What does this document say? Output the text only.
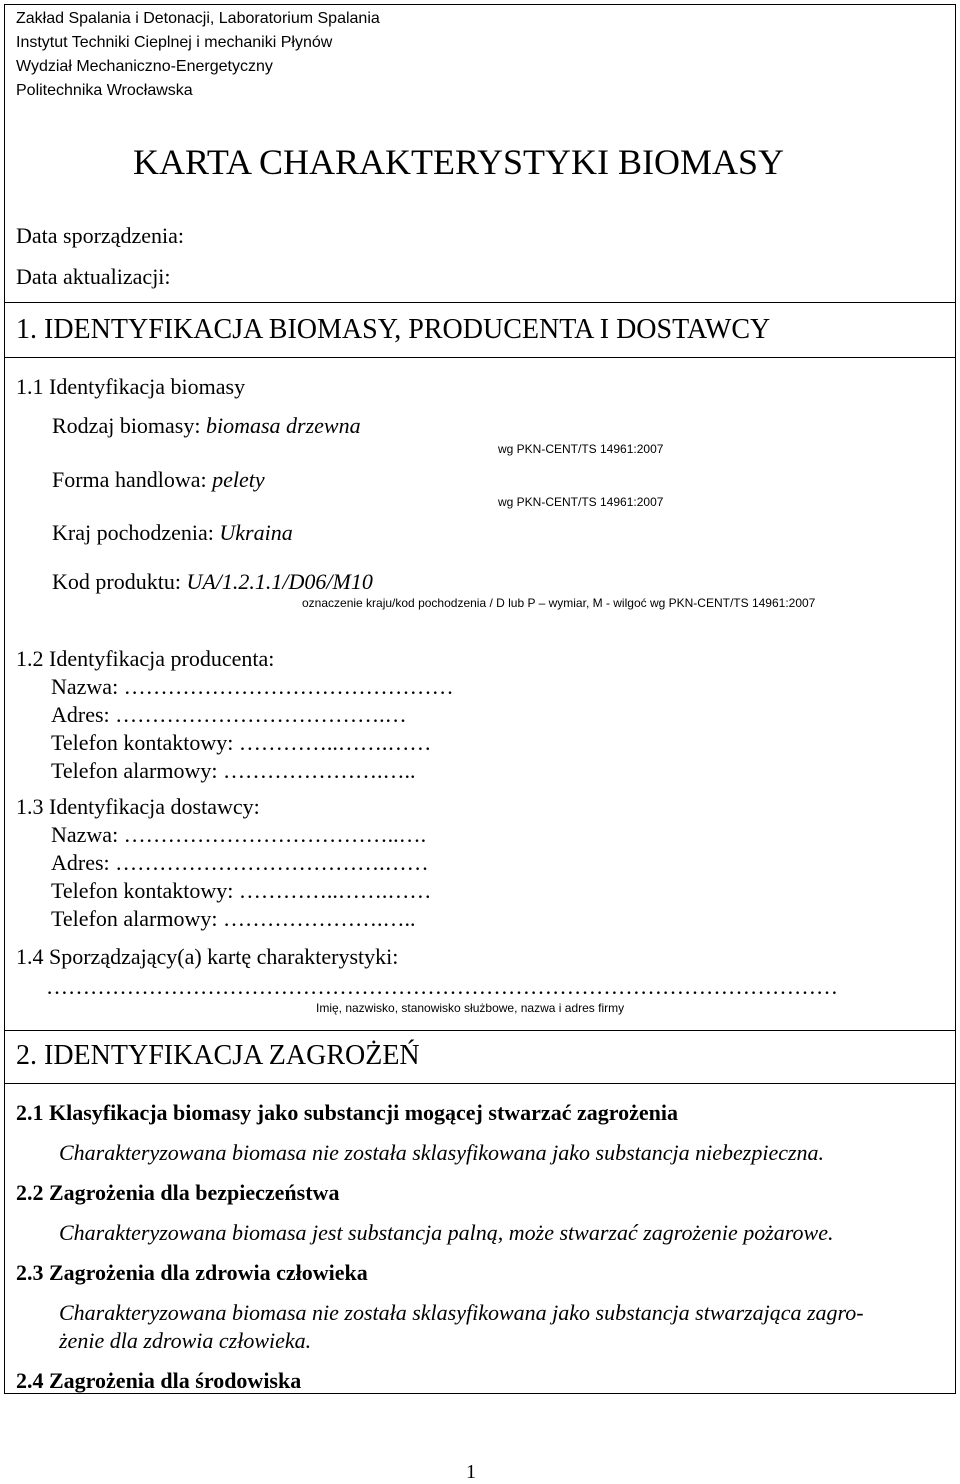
Zakład Spalania i Detonacji, Laboratorium Spalania
Instytut Techniki Cieplnej i mechaniki Płynów
Wydział Mechaniczno-Energetyczny
Politechnika Wrocławska
KARTA CHARAKTERYSTYKI BIOMASY
Data sporządzenia:
Data aktualizacji:
1. IDENTYFIKACJA BIOMASY, PRODUCENTA I DOSTAWCY
1.1 Identyfikacja biomasy
Rodzaj biomasy: biomasa drzewna
Forma handlowa: pelety
Kraj pochodzenia: Ukraina
wg PKN-CENT/TS 14961:2007
wg PKN-CENT/TS 14961:2007
Kod produktu: UA/1.2.1.1/D06/M10
oznaczenie kraju/kod pochodzenia / D lub P – wymiar, M - wilgoć wg PKN-CENT/TS 14961:2007
1.2 Identyfikacja producenta:
Nazwa: ………………………………………
Adres: ……………………………….…
Telefon kontaktowy: …………..…….……
Telefon alarmowy: ………………….…..
1.3 Identyfikacja dostawcy:
Nazwa: ………………………………..….
Adres: ……………………………….……
Telefon kontaktowy: …………..…….……
Telefon alarmowy: ………………….…..
1.4 Sporządzający(a) kartę charakterystyki:
………………………………………………………………………………………………
Imię, nazwisko, stanowisko służbowe, nazwa i adres firmy
2. IDENTYFIKACJA ZAGROŻEŃ
2.1 Klasyfikacja biomasy jako substancji mogącej stwarzać zagrożenia
Charakteryzowana biomasa nie została sklasyfikowana jako substancja niebezpieczna.
2.2 Zagrożenia dla bezpieczeństwa
Charakteryzowana biomasa jest substancja palną, może stwarzać zagrożenie pożarowe.
2.3 Zagrożenia dla zdrowia człowieka
Charakteryzowana biomasa nie została sklasyfikowana jako substancja stwarzająca zagro-
żenie dla zdrowia człowieka.
2.4 Zagrożenia dla środowiska
1
